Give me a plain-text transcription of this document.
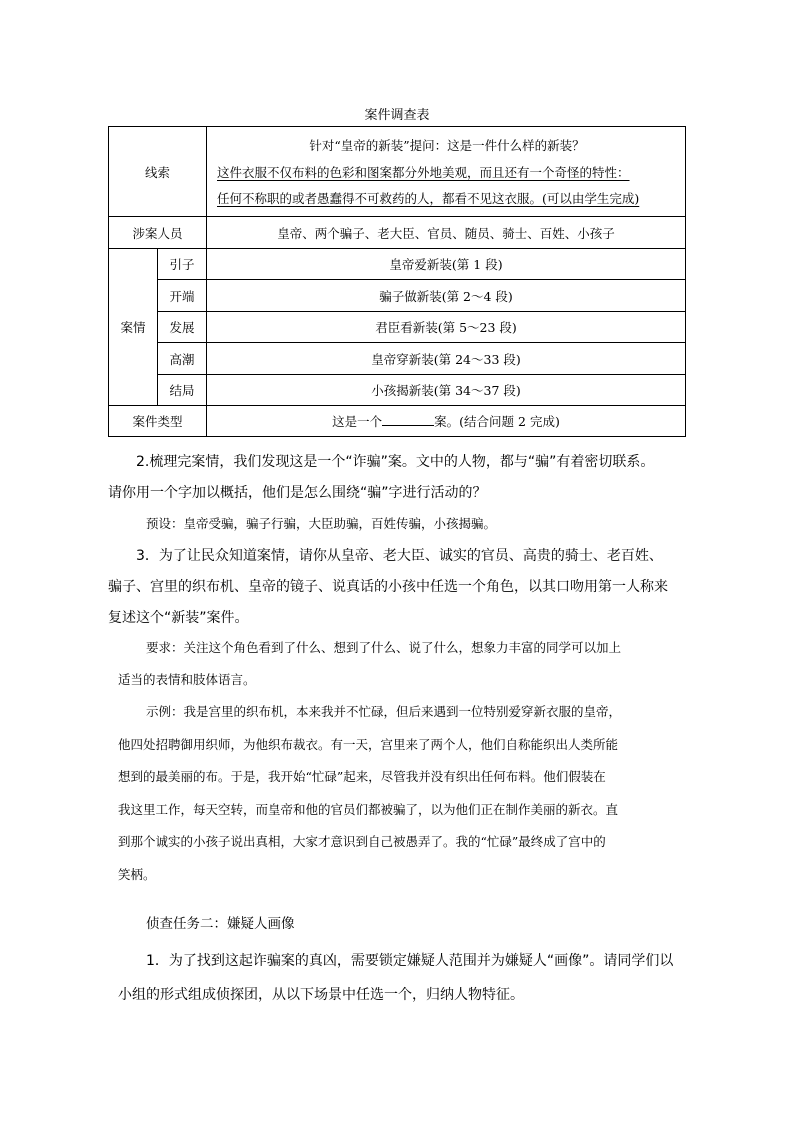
案件调查表
线索		针对“皇帝的新装”提问：这是一件什么样的新装？
这件衣服不仅布料的色彩和图案都分外地美观，而且还有一个奇怪的特性：
任何不称职的或者愚蠢得不可救药的人，都看不见这衣服。(可以由学生完成)

涉案人员		皇帝、两个骗子、老大臣、官员、随员、骑士、百姓、小孩子
案情	引子	皇帝爱新装(第 1 段)
	开端	骗子做新装(第 2～4 段)
	发展	君臣看新装(第 5～23 段)
	高潮	皇帝穿新装(第 24～33 段)
	结局	小孩揭新装(第 34～37 段)
案件类型		这是一个 案。(结合问题 2 完成)
2.梳理完案情，我们发现这是一个“诈骗”案。文中的人物，都与“骗”有着密切联系。
请你用一个字加以概括，他们是怎么围绕“骗”字进行活动的？
预设：皇帝受骗，骗子行骗，大臣助骗，百姓传骗，小孩揭骗。
3．为了让民众知道案情，请你从皇帝、老大臣、诚实的官员、高贵的骑士、老百姓、
骗子、宫里的织布机、皇帝的镜子、说真话的小孩中任选一个角色，以其口吻用第一人称来
复述这个“新装”案件。
要求：关注这个角色看到了什么、想到了什么、说了什么，想象力丰富的同学可以加上
适当的表情和肢体语言。
示例：我是宫里的织布机，本来我并不忙碌，但后来遇到一位特别爱穿新衣服的皇帝，
他四处招聘御用织师，为他织布裁衣。有一天，宫里来了两个人，他们自称能织出人类所能
想到的最美丽的布。于是，我开始“忙碌”起来，尽管我并没有织出任何布料。他们假装在
我这里工作，每天空转，而皇帝和他的官员们都被骗了，以为他们正在制作美丽的新衣。直
到那个诚实的小孩子说出真相，大家才意识到自己被愚弄了。我的“忙碌”最终成了宫中的
笑柄。
侦查任务二：嫌疑人画像
1．为了找到这起诈骗案的真凶，需要锁定嫌疑人范围并为嫌疑人“画像”。请同学们以
小组的形式组成侦探团，从以下场景中任选一个，归纳人物特征。
